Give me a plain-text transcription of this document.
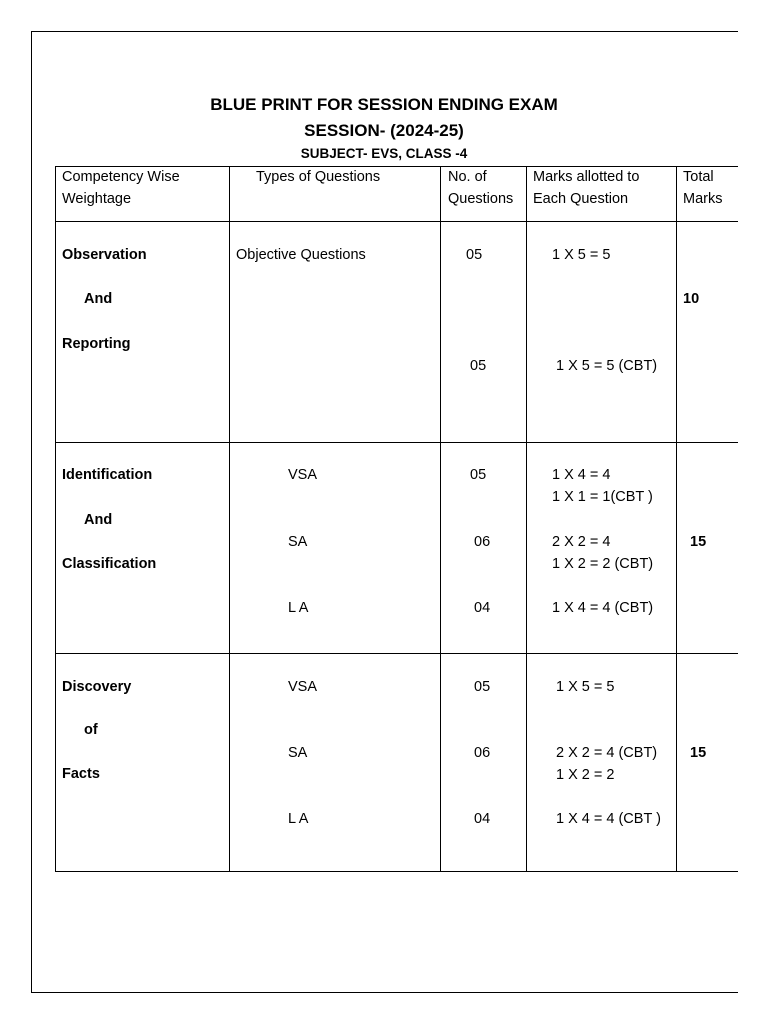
BLUE PRINT FOR SESSION ENDING EXAM
SESSION- (2024-25)
SUBJECT- EVS, CLASS -4
Competency Wise
Weightage
Types of Questions	No. of
Questions
Marks allotted to
Each Question
Total
Marks
Observation
And
Reporting
Objective Questions	05
05
1 X 5 = 5
1 X 5 = 5 (CBT)
10
Identification
And
Classification
VSA
SA
L A
05
06
04
1 X 4 = 4
1 X 1 = 1(CBT )
2 X 2 = 4
1 X 2 = 2 (CBT)
1 X 4 = 4 (CBT)
15
Discovery
of
Facts
VSA
SA
L A
05
06
04
1 X 5 = 5
2 X 2 = 4 (CBT)
1 X 2 = 2
1 X 4 = 4 (CBT )
15
